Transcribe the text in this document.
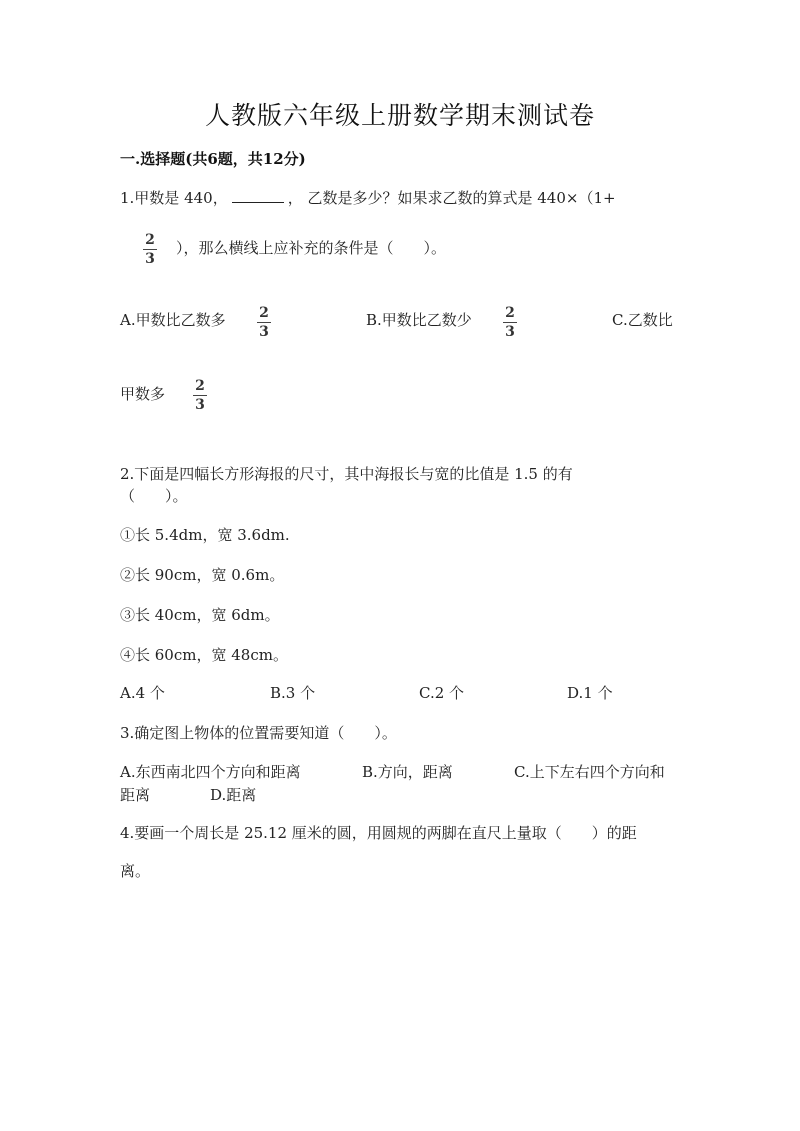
人教版六年级上册数学期末测试卷
一.选择题(共6题，共12分)
1.甲数是 440，	， 乙数是多少？如果求乙数的算式是 440×（1+
2
3
），那么横线上应补充的条件是（　　）。
A.甲数比乙数多 2
3
B.甲数比乙数少 2
3
C.乙数比
甲数多 2
3
2.下面是四幅长方形海报的尺寸，其中海报长与宽的比值是 1.5 的有
（　　）。
①长 5.4dm，宽 3.6dm.
②长 90cm，宽 0.6m。
③长 40cm，宽 6dm。
④长 60cm，宽 48cm。
A.4 个	B.3 个	C.2 个	D.1 个
3.确定图上物体的位置需要知道（　　）。
A.东西南北四个方向和距离	B.方向，距离	C.上下左右四个方向和
距离	D.距离
4.要画一个周长是 25.12 厘米的圆，用圆规的两脚在直尺上量取（　　）的距
离。
